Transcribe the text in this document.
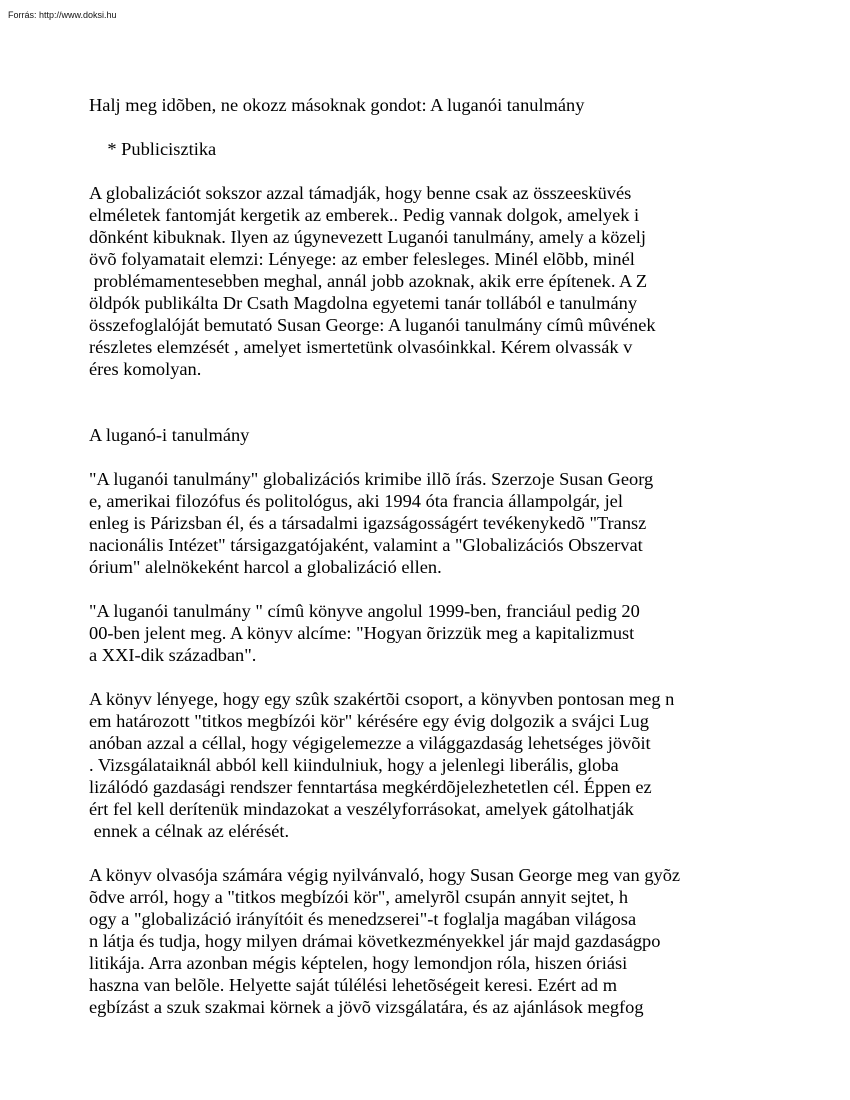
Forrás: http://www.doksi.hu
Halj meg idõben, ne okozz másoknak gondot: A luganói tanulmány
* Publicisztika
A globalizációt sokszor azzal támadják, hogy benne csak az összeesküvés
elméletek fantomját kergetik az emberek.. Pedig vannak dolgok, amelyek i
dõnként kibuknak. Ilyen az úgynevezett Luganói tanulmány, amely a közelj
övõ folyamatait elemzi: Lényege: az ember felesleges. Minél elõbb, minél
problémamentesebben meghal, annál jobb azoknak, akik erre építenek. A Z
öldpók publikálta Dr Csath Magdolna egyetemi tanár tollából e tanulmány
összefoglalóját bemutató Susan George: A luganói tanulmány címû mûvének
részletes elemzését , amelyet ismertetünk olvasóinkkal. Kérem olvassák v
éres komolyan.
A luganó-i tanulmány
"A luganói tanulmány" globalizációs krimibe illõ írás. Szerzoje Susan Georg
e, amerikai filozófus és politológus, aki 1994 óta francia állampolgár, jel
enleg is Párizsban él, és a társadalmi igazságosságért tevékenykedõ "Transz
nacionális Intézet" társigazgatójaként, valamint a "Globalizációs Obszervat
órium" alelnökeként harcol a globalizáció ellen.
"A luganói tanulmány " címû könyve angolul 1999-ben, franciául pedig 20
00-ben jelent meg. A könyv alcíme: "Hogyan õrizzük meg a kapitalizmust
a XXI-dik században".
A könyv lényege, hogy egy szûk szakértõi csoport, a könyvben pontosan meg n
em határozott "titkos megbízói kör" kérésére egy évig dolgozik a svájci Lug
anóban azzal a céllal, hogy végigelemezze a világgazdaság lehetséges jövõit
. Vizsgálataiknál abból kell kiindulniuk, hogy a jelenlegi liberális, globa
lizálódó gazdasági rendszer fenntartása megkérdõjelezhetetlen cél. Éppen ez
ért fel kell derítenük mindazokat a veszélyforrásokat, amelyek gátolhatják
ennek a célnak az elérését.
A könyv olvasója számára végig nyilvánvaló, hogy Susan George meg van gyõz
õdve arról, hogy a "titkos megbízói kör", amelyrõl csupán annyit sejtet, h
ogy a "globalizáció irányítóit és menedzserei"-t foglalja magában világosa
n látja és tudja, hogy milyen drámai következményekkel jár majd gazdaságpo
litikája. Arra azonban mégis képtelen, hogy lemondjon róla, hiszen óriási
haszna van belõle. Helyette saját túlélési lehetõségeit keresi. Ezért ad m
egbízást a szuk szakmai körnek a jövõ vizsgálatára, és az ajánlások megfog
